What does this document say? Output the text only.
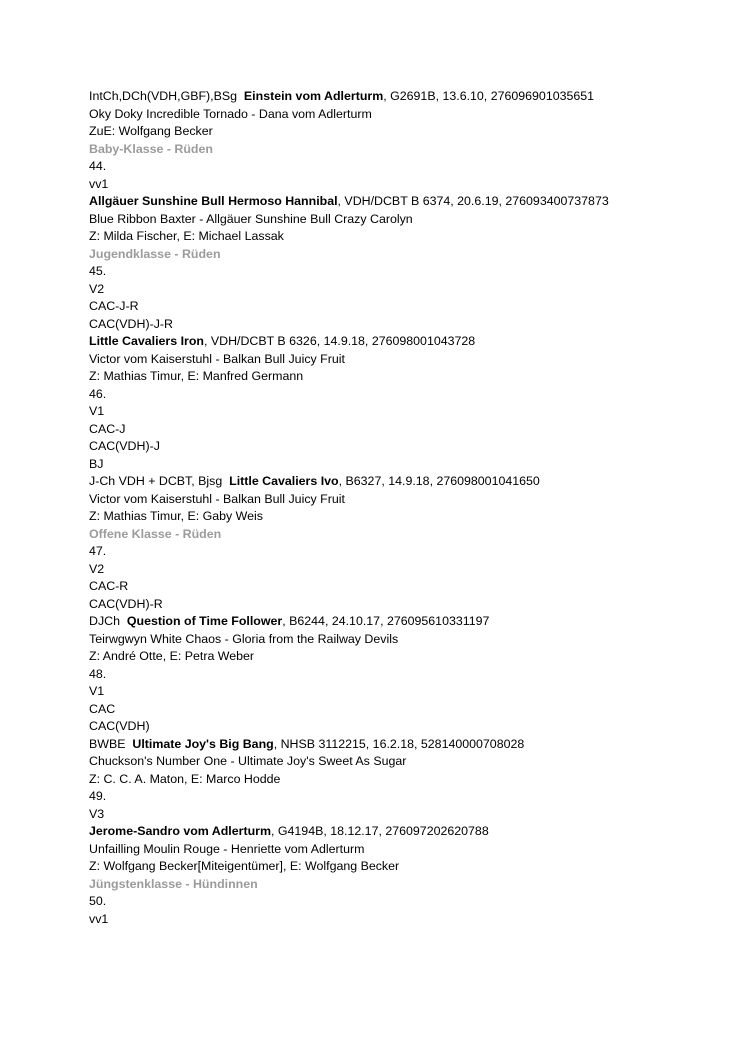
IntCh,DCh(VDH,GBF),BSg  Einstein vom Adlerturm, G2691B, 13.6.10, 276096901035651
Oky Doky Incredible Tornado - Dana vom Adlerturm
ZuE: Wolfgang Becker
Baby-Klasse - Rüden
44.
vv1
Allgäuer Sunshine Bull Hermoso Hannibal, VDH/DCBT B 6374, 20.6.19, 276093400737873
Blue Ribbon Baxter - Allgäuer Sunshine Bull Crazy Carolyn
Z: Milda Fischer, E: Michael Lassak
Jugendklasse - Rüden
45.
V2
CAC-J-R
CAC(VDH)-J-R
Little Cavaliers Iron, VDH/DCBT B 6326, 14.9.18, 276098001043728
Victor vom Kaiserstuhl - Balkan Bull Juicy Fruit
Z: Mathias Timur, E: Manfred Germann
46.
V1
CAC-J
CAC(VDH)-J
BJ
J-Ch VDH + DCBT, Bjsg  Little Cavaliers Ivo, B6327, 14.9.18, 276098001041650
Victor vom Kaiserstuhl - Balkan Bull Juicy Fruit
Z: Mathias Timur, E: Gaby Weis
Offene Klasse - Rüden
47.
V2
CAC-R
CAC(VDH)-R
DJCh  Question of Time Follower, B6244, 24.10.17, 276095610331197
Teirwgwyn White Chaos - Gloria from the Railway Devils
Z: André Otte, E: Petra Weber
48.
V1
CAC
CAC(VDH)
BWBE  Ultimate Joy's Big Bang, NHSB 3112215, 16.2.18, 528140000708028
Chuckson's Number One - Ultimate Joy's Sweet As Sugar
Z: C. C. A. Maton, E: Marco Hodde
49.
V3
Jerome-Sandro vom Adlerturm, G4194B, 18.12.17, 276097202620788
Unfailling Moulin Rouge - Henriette vom Adlerturm
Z: Wolfgang Becker[Miteigentümer], E: Wolfgang Becker
Jüngstenklasse - Hündinnen
50.
vv1
